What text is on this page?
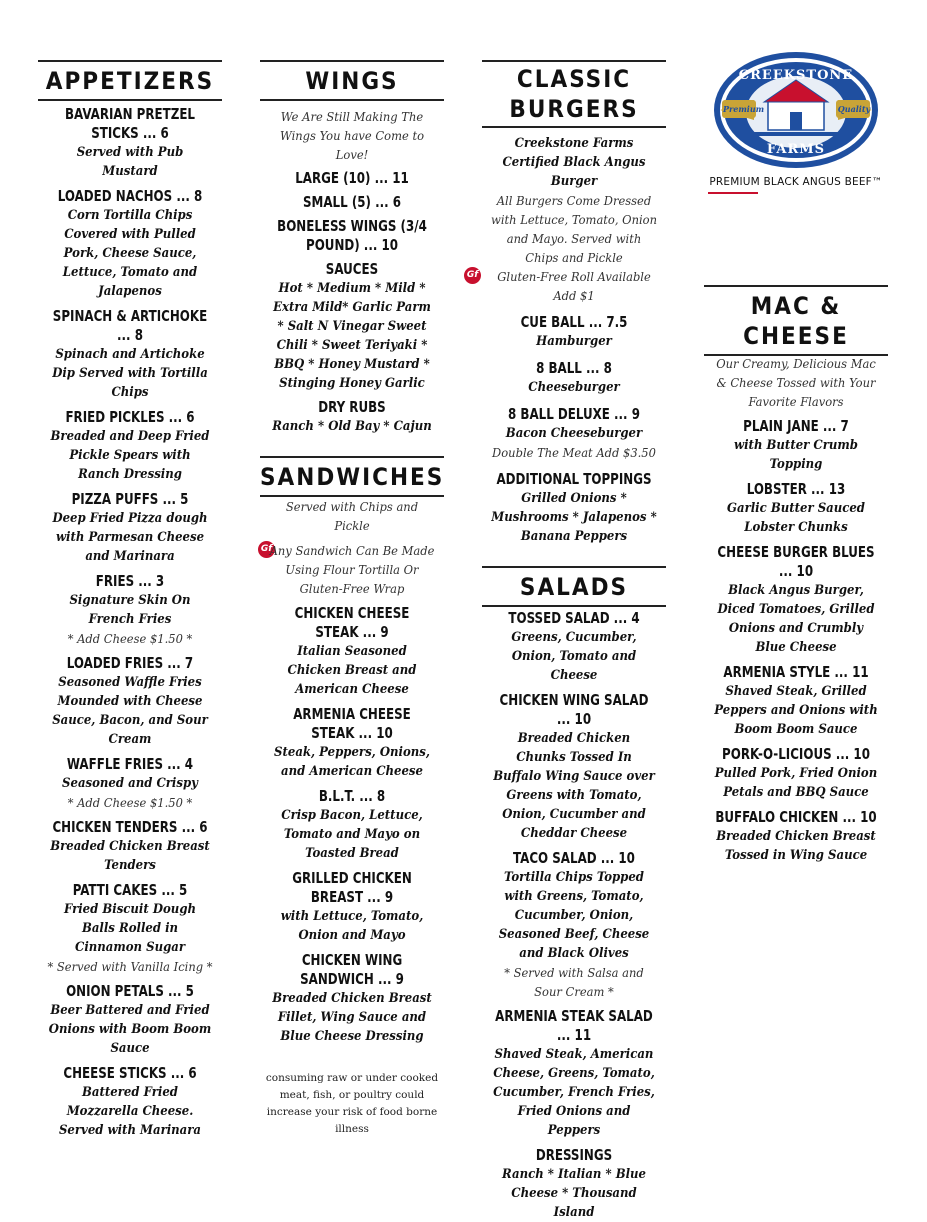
APPETIZERS
BAVARIAN PRETZEL STICKS ... 6
Served with Pub Mustard
LOADED NACHOS ... 8
Corn Tortilla Chips Covered with Pulled Pork, Cheese Sauce, Lettuce, Tomato and Jalapenos
SPINACH & ARTICHOKE ... 8
Spinach and Artichoke Dip Served with Tortilla Chips
FRIED PICKLES ... 6
Breaded and Deep Fried Pickle Spears with Ranch Dressing
PIZZA PUFFS ... 5
Deep Fried Pizza dough with Parmesan Cheese and Marinara
FRIES ... 3
Signature Skin On French Fries
* Add Cheese $1.50 *
LOADED FRIES ... 7
Seasoned Waffle Fries Mounded with Cheese Sauce, Bacon, and Sour Cream
WAFFLE FRIES ... 4
Seasoned and Crispy
* Add Cheese $1.50 *
CHICKEN TENDERS ... 6
Breaded Chicken Breast Tenders
PATTI CAKES ... 5
Fried Biscuit Dough Balls Rolled in Cinnamon Sugar
* Served with Vanilla Icing *
ONION PETALS ... 5
Beer Battered and Fried Onions with Boom Boom Sauce
CHEESE STICKS ... 6
Battered Fried Mozzarella Cheese. Served with Marinara
WINGS
We Are Still Making The Wings You have Come to Love!
LARGE (10) ... 11
SMALL (5) ... 6
BONELESS WINGS (3/4 POUND) ... 10
SAUCES
Hot * Medium * Mild * Extra Mild* Garlic Parm * Salt N Vinegar Sweet Chili * Sweet Teriyaki * BBQ * Honey Mustard * Stinging Honey Garlic
DRY RUBS
Ranch * Old Bay * Cajun
SANDWICHES
Served with Chips and Pickle
Gf
Any Sandwich Can Be Made Using Flour Tortilla Or Gluten-Free Wrap
CHICKEN CHEESE STEAK ... 9
Italian Seasoned Chicken Breast and American Cheese
ARMENIA CHEESE STEAK ... 10
Steak, Peppers, Onions, and American Cheese
B.L.T. ... 8
Crisp Bacon, Lettuce, Tomato and Mayo on Toasted Bread
GRILLED CHICKEN BREAST ... 9
with Lettuce, Tomato, Onion and Mayo
CHICKEN WING SANDWICH ... 9
Breaded Chicken Breast Fillet, Wing Sauce and Blue Cheese Dressing
consuming raw or under cooked meat, fish, or poultry could increase your risk of food borne illness
CLASSIC BURGERS
Creekstone Farms Certified Black Angus Burger
All Burgers Come Dressed with Lettuce, Tomato, Onion and Mayo. Served with Chips and Pickle
Gf	Gluten-Free Roll Available Add $1
CUE BALL ... 7.5
Hamburger
8 BALL ... 8
Cheeseburger
8 BALL DELUXE ... 9
Bacon Cheeseburger
Double The Meat Add $3.50
ADDITIONAL TOPPINGS
Grilled Onions * Mushrooms * Jalapenos * Banana Peppers
SALADS
TOSSED SALAD ... 4
Greens, Cucumber, Onion, Tomato and Cheese
CHICKEN WING SALAD ... 10
Breaded Chicken Chunks Tossed In Buffalo Wing Sauce over Greens with Tomato, Onion, Cucumber and Cheddar Cheese
TACO SALAD ... 10
Tortilla Chips Topped with Greens, Tomato, Cucumber, Onion, Seasoned Beef, Cheese and Black Olives
* Served with Salsa and Sour Cream *
ARMENIA STEAK SALAD ... 11
Shaved Steak, American Cheese, Greens, Tomato, Cucumber, French Fries, Fried Onions and Peppers
DRESSINGS
Ranch * Italian * Blue Cheese * Thousand Island
CREEKSTONE
Premium	Quality
FARMS
PREMIUM BLACK ANGUS BEEF™
MAC & CHEESE
Our Creamy, Delicious Mac & Cheese Tossed with Your Favorite Flavors
PLAIN JANE ... 7
with Butter Crumb Topping
LOBSTER ... 13
Garlic Butter Sauced Lobster Chunks
CHEESE BURGER BLUES ... 10
Black Angus Burger, Diced Tomatoes, Grilled Onions and Crumbly Blue Cheese
ARMENIA STYLE ... 11
Shaved Steak, Grilled Peppers and Onions with Boom Boom Sauce
PORK-O-LICIOUS ... 10
Pulled Pork, Fried Onion Petals and BBQ Sauce
BUFFALO CHICKEN ... 10
Breaded Chicken Breast Tossed in Wing Sauce
